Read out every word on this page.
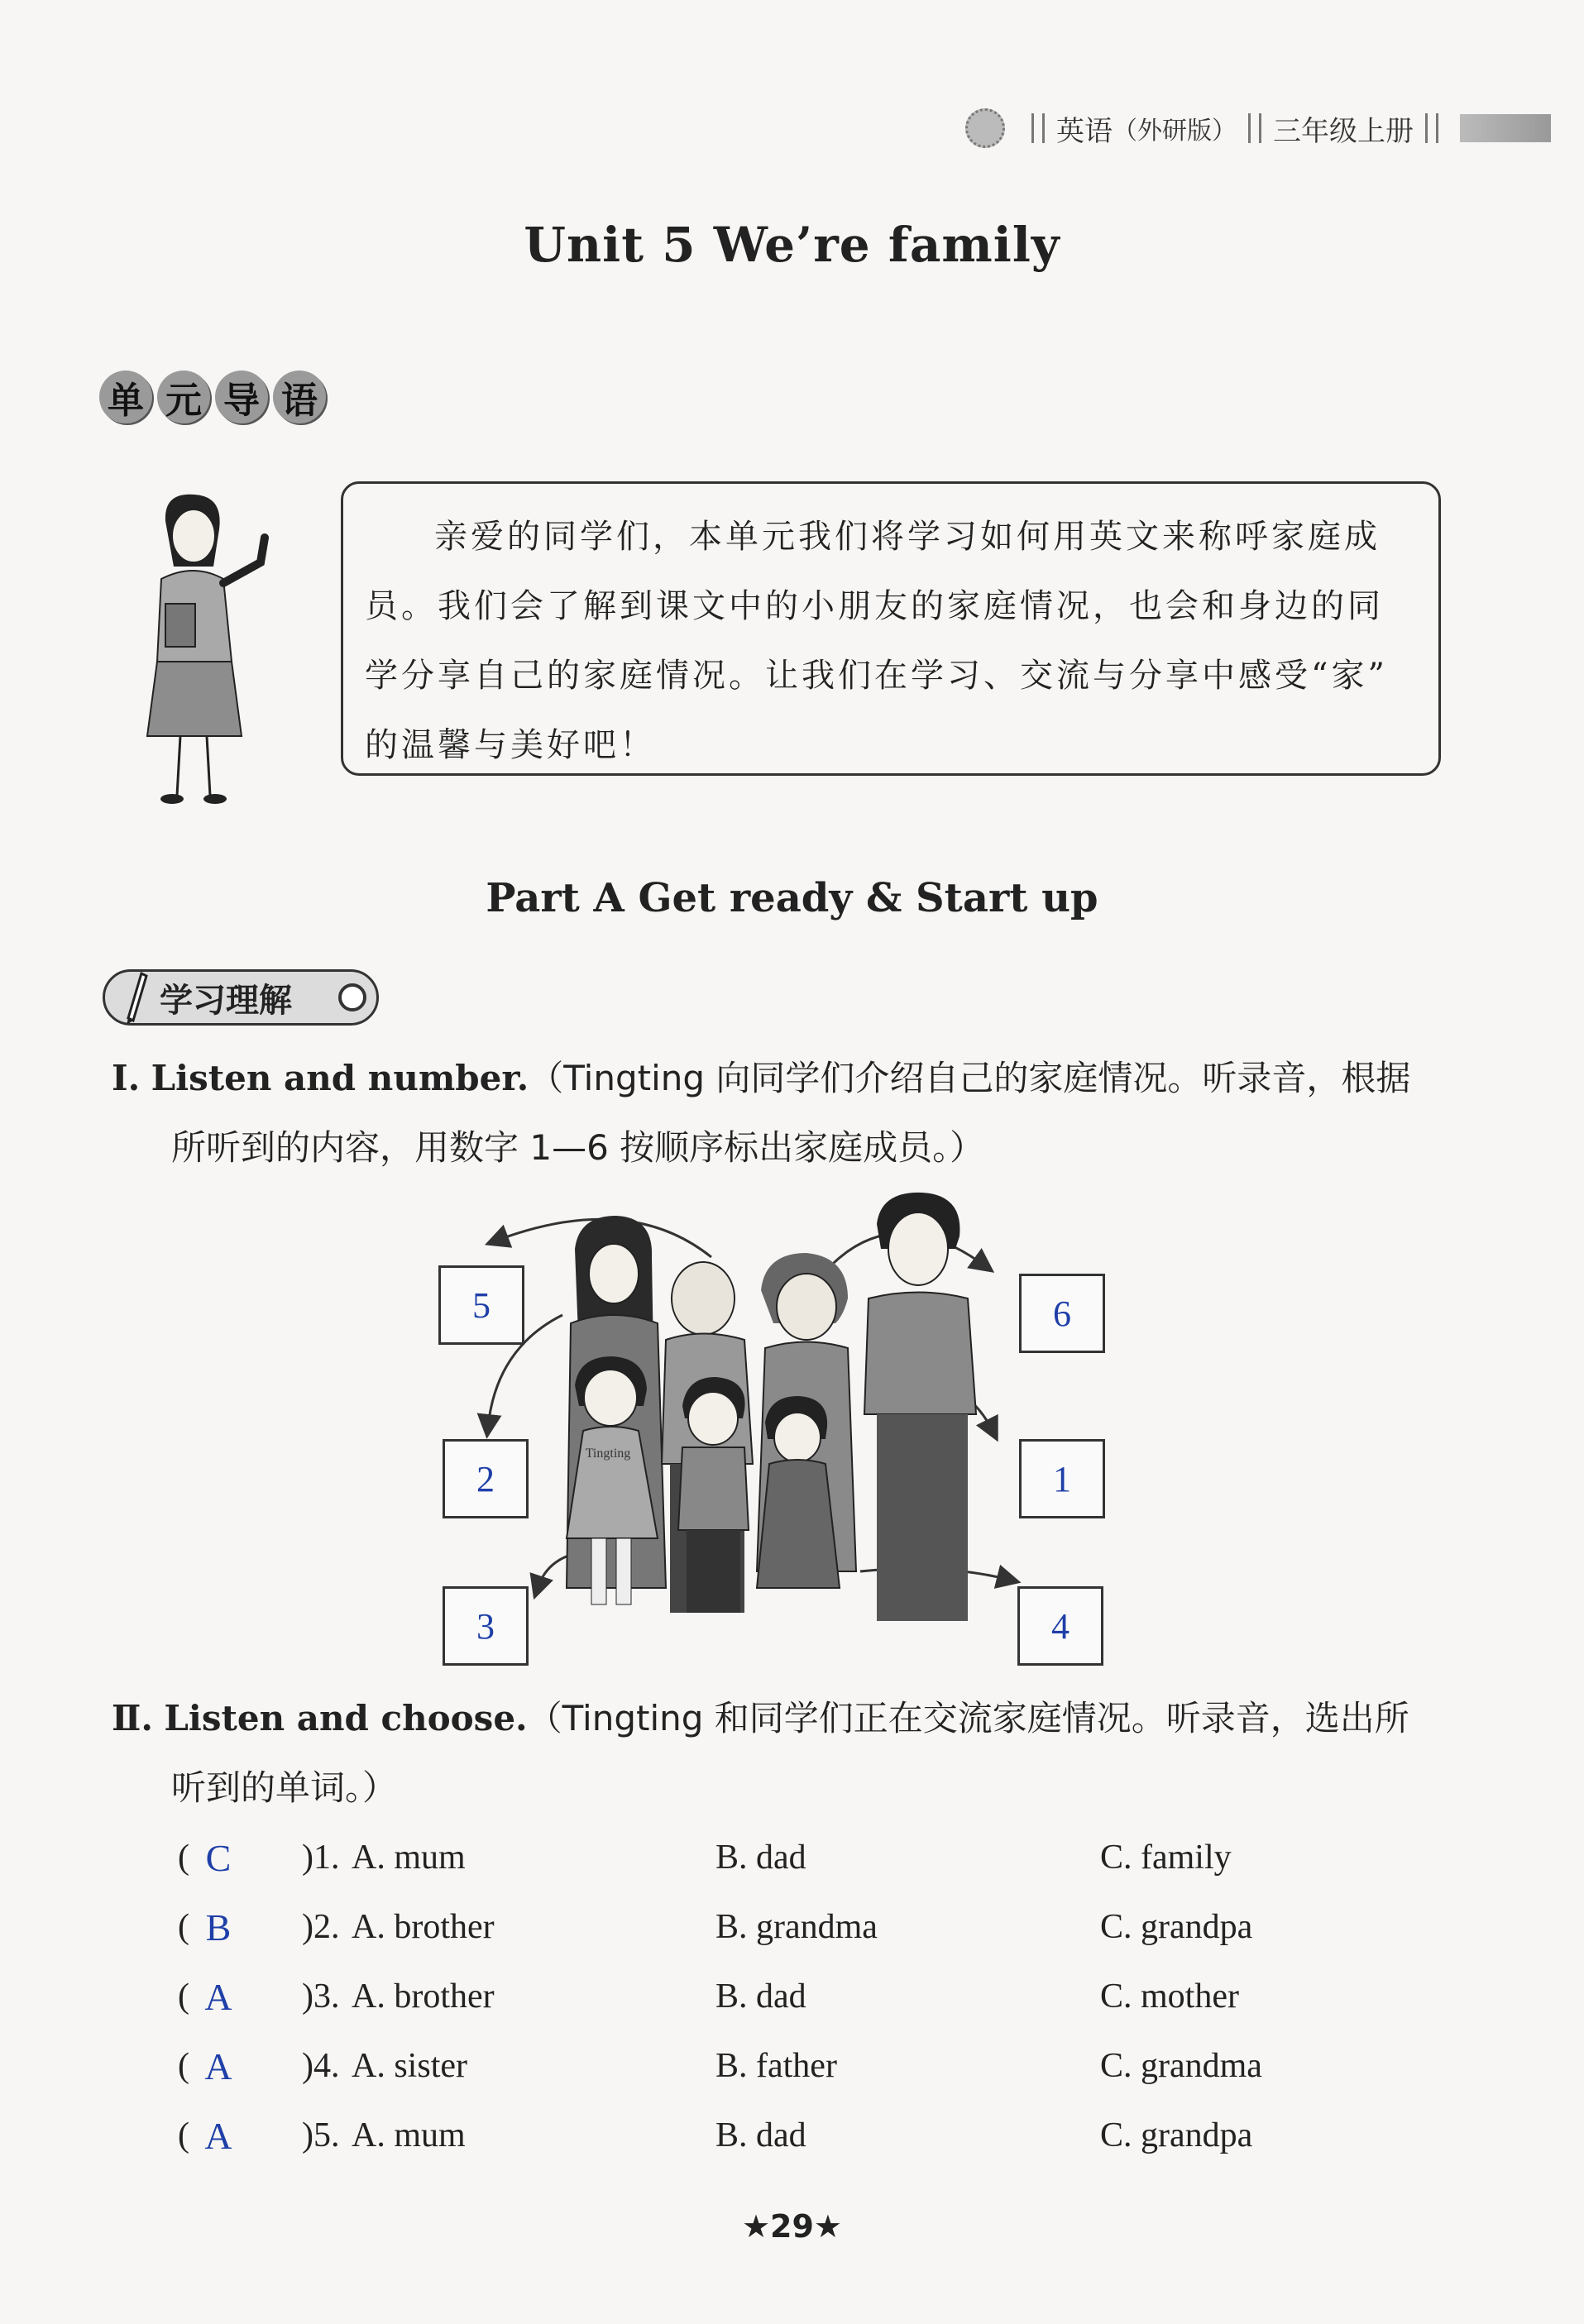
英语 （外研版） 三年级上册
Unit 5 We’re family
单 元 导 语
亲爱的同学们，本单元我们将学习如何用英文来称呼家庭成
员。我们会了解到课文中的小朋友的家庭情况，也会和身边的同
学分享自己的家庭情况。让我们在学习、交流与分享中感受“家”
的温馨与美好吧！
Part A Get ready & Start up
学习理解
Ⅰ. Listen and number.（Tingting 向同学们介绍自己的家庭情况。听录音，根据
所听到的内容，用数字 1—6 按顺序标出家庭成员。）
Tingting
5	6
2	1
3	4
Ⅱ. Listen and choose.（Tingting 和同学们正在交流家庭情况。听录音，选出所
听到的单词。）
( C	)1. A. mum	B. dad	C. family
( B	)2. A. brother	B. grandma	C. grandpa
( A	)3. A. brother	B. dad	C. mother
( A	)4. A. sister	B. father	C. grandma
( A	)5. A. mum	B. dad	C. grandpa
★29★
